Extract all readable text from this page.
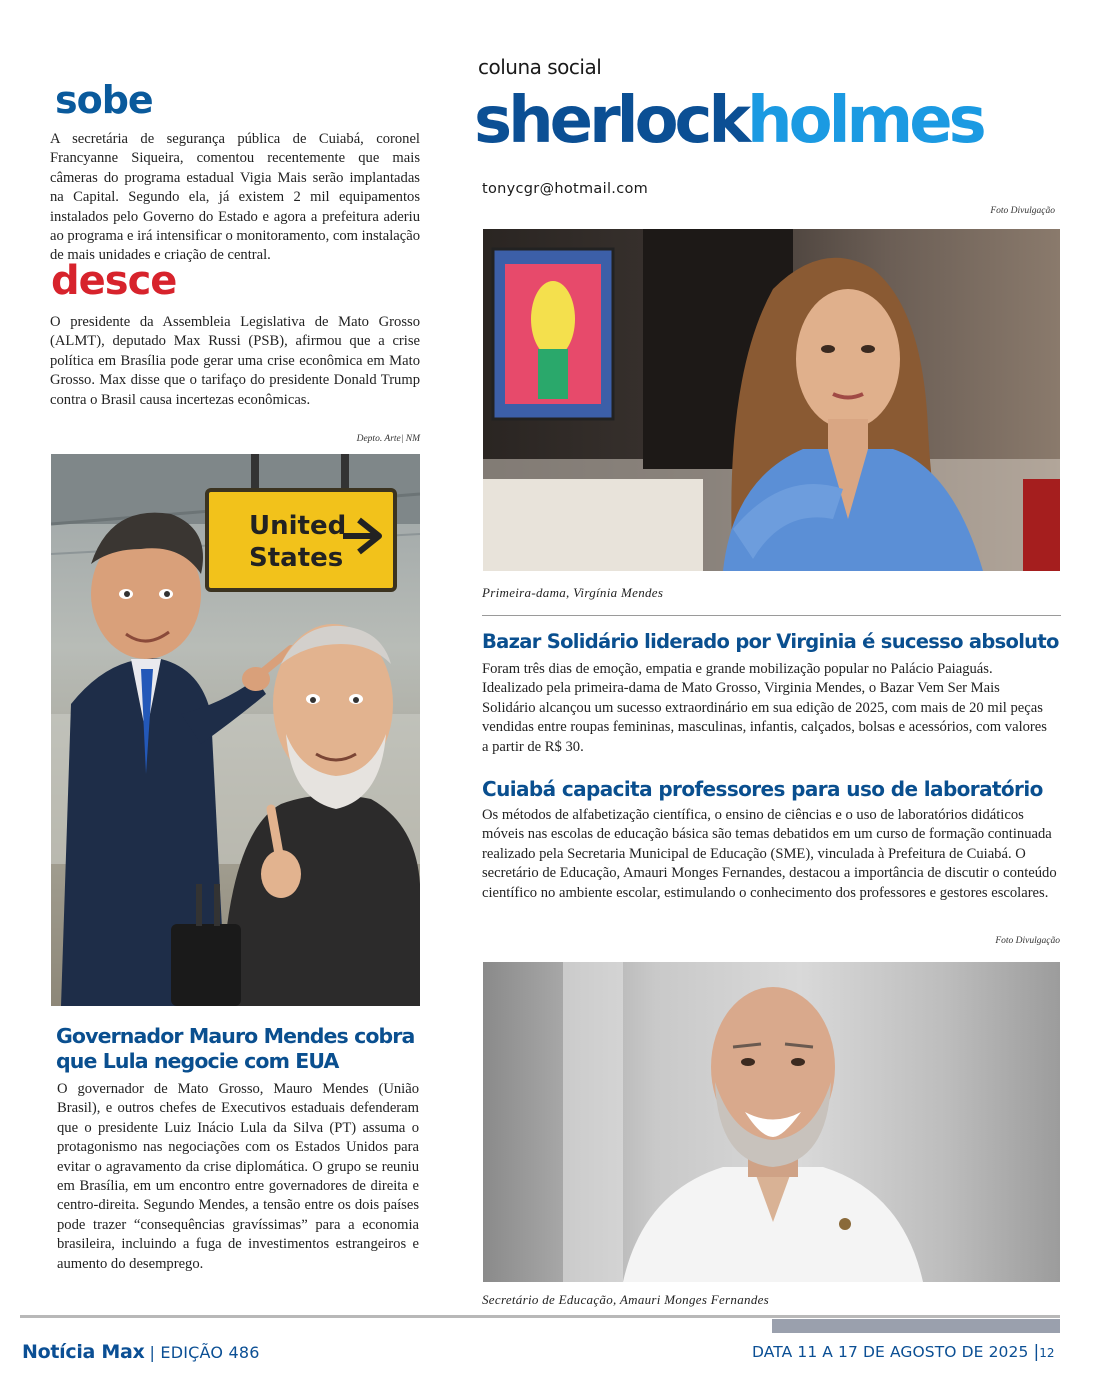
sobe
A secretária de segurança pública de Cuiabá, coronel Francyanne Siqueira, comentou recentemente que mais câmeras do programa estadual Vigia Mais serão implantadas na Capital. Segundo ela, já existem 2 mil equipamentos instalados pelo Governo do Estado e agora a prefeitura aderiu ao programa e irá intensificar o monitoramento, com instalação de mais unidades e criação de central.
desce
O presidente da Assembleia Legislativa de Mato Grosso (ALMT), deputado Max Russi (PSB), afirmou que a crise política em Brasília pode gerar uma crise econômica em Mato Grosso. Max disse que o tarifaço do presidente Donald Trump contra o Brasil causa incertezas econômicas.
Depto. Arte| NM
United
States
Governador Mauro Mendes cobra
que Lula negocie com EUA
O governador de Mato Grosso, Mauro Mendes (União Brasil), e outros chefes de Executivos estaduais defenderam que o presidente Luiz Inácio Lula da Silva (PT) assuma o protagonismo nas negociações com os Estados Unidos para evitar o agravamento da crise diplomática. O grupo se reuniu em Brasília, em um encontro entre governadores de direita e centro-direita. Segundo Mendes, a tensão entre os dois países pode trazer “consequências gravíssimas” para a economia brasileira, incluindo a fuga de investimentos estrangeiros e aumento do desemprego.
coluna social
sherlockholmes
tonycgr@hotmail.com
Foto Divulgação
Primeira-dama, Virgínia Mendes
Bazar Solidário liderado por Virginia é sucesso absoluto
Foram três dias de emoção, empatia e grande mobilização popular no Palácio Paiaguás. Idealizado pela primeira-dama de Mato Grosso, Virginia Mendes, o Bazar Vem Ser Mais Solidário alcançou um sucesso extraordinário em sua edição de 2025, com mais de 20 mil peças vendidas entre roupas femininas, masculinas, infantis, calçados, bolsas e acessórios, com valores a partir de R$ 30.
Cuiabá capacita professores para uso de laboratório
Os métodos de alfabetização científica, o ensino de ciências e o uso de laboratórios didáticos móveis nas escolas de educação básica são temas debatidos em um curso de formação continuada realizado pela Secretaria Municipal de Educação (SME), vinculada à Prefeitura de Cuiabá. O secretário de Educação, Amauri Monges Fernandes, destacou a importância de discutir o conteúdo científico no ambiente escolar, estimulando o conhecimento dos professores e gestores escolares.
Foto Divulgação
Secretário de Educação, Amauri Monges Fernandes
Notícia Max | EDIÇÃO 486	DATA 11 A 17 DE AGOSTO DE 2025 |12
